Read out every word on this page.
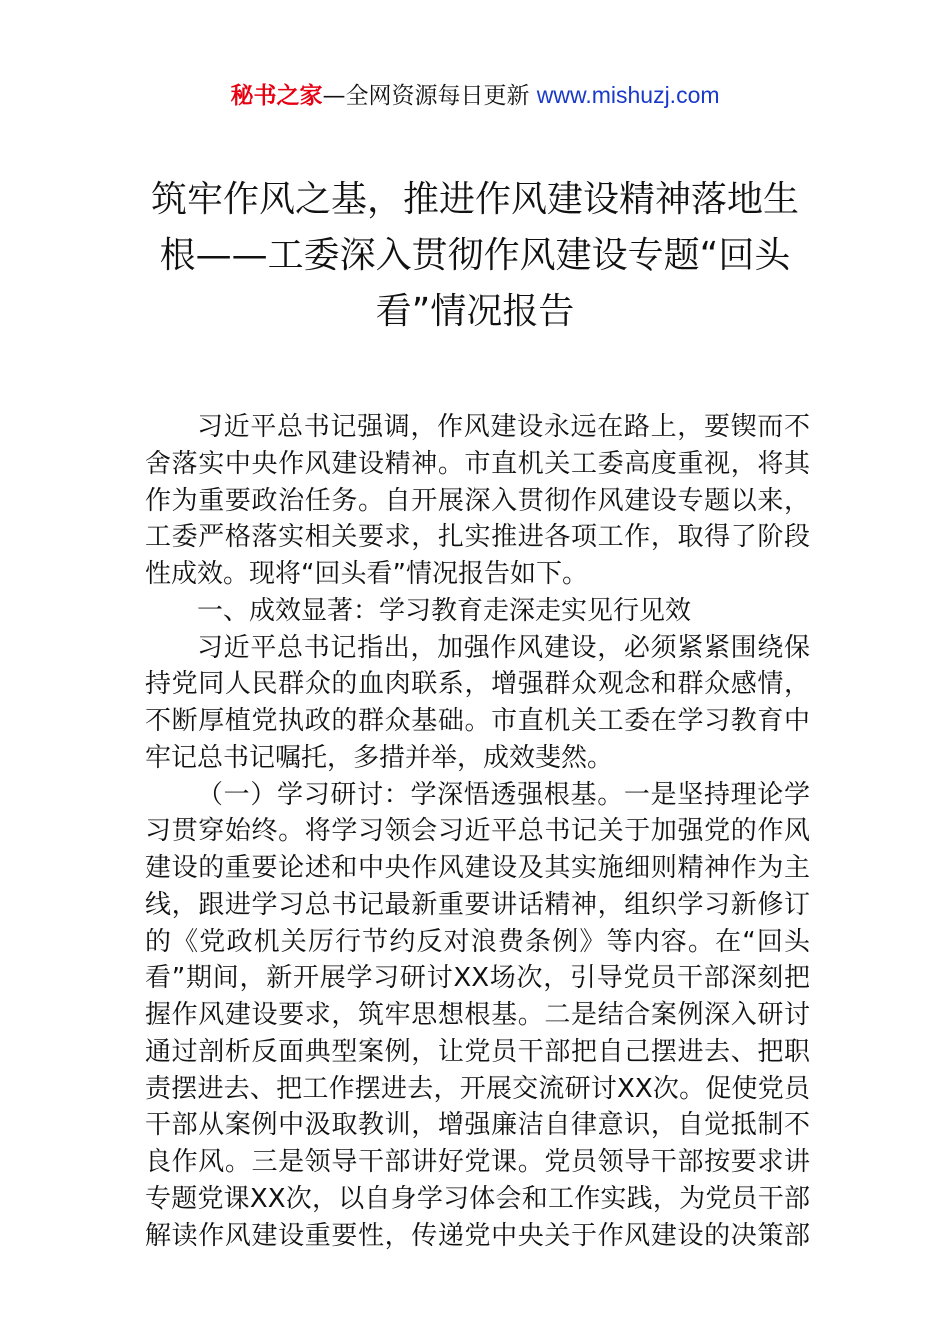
秘书之家—全网资源每日更新 www.mishuzj.com
筑牢作风之基，推进作风建设精神落地生
根——工委深入贯彻作风建设专题“回头
看”情况报告
习近平总书记强调，作风建设永远在路上，要锲而不
舍落实中央作风建设精神。市直机关工委高度重视，将其
作为重要政治任务。自开展深入贯彻作风建设专题以来，
工委严格落实相关要求，扎实推进各项工作，取得了阶段
性成效。现将“回头看”情况报告如下。
一、成效显著：学习教育走深走实见行见效
习近平总书记指出，加强作风建设，必须紧紧围绕保
持党同人民群众的血肉联系，增强群众观念和群众感情，
不断厚植党执政的群众基础。市直机关工委在学习教育中
牢记总书记嘱托，多措并举，成效斐然。
（一）学习研讨：学深悟透强根基。一是坚持理论学
习贯穿始终。将学习领会习近平总书记关于加强党的作风
建设的重要论述和中央作风建设及其实施细则精神作为主
线，跟进学习总书记最新重要讲话精神，组织学习新修订
的《党政机关厉行节约反对浪费条例》等内容。在“回头
看”期间，新开展学习研讨XX场次，引导党员干部深刻把
握作风建设要求，筑牢思想根基。二是结合案例深入研讨
通过剖析反面典型案例，让党员干部把自己摆进去、把职
责摆进去、把工作摆进去，开展交流研讨XX次。促使党员
干部从案例中汲取教训，增强廉洁自律意识，自觉抵制不
良作风。三是领导干部讲好党课。党员领导干部按要求讲
专题党课XX次，以自身学习体会和工作实践，为党员干部
解读作风建设重要性，传递党中央关于作风建设的决策部
